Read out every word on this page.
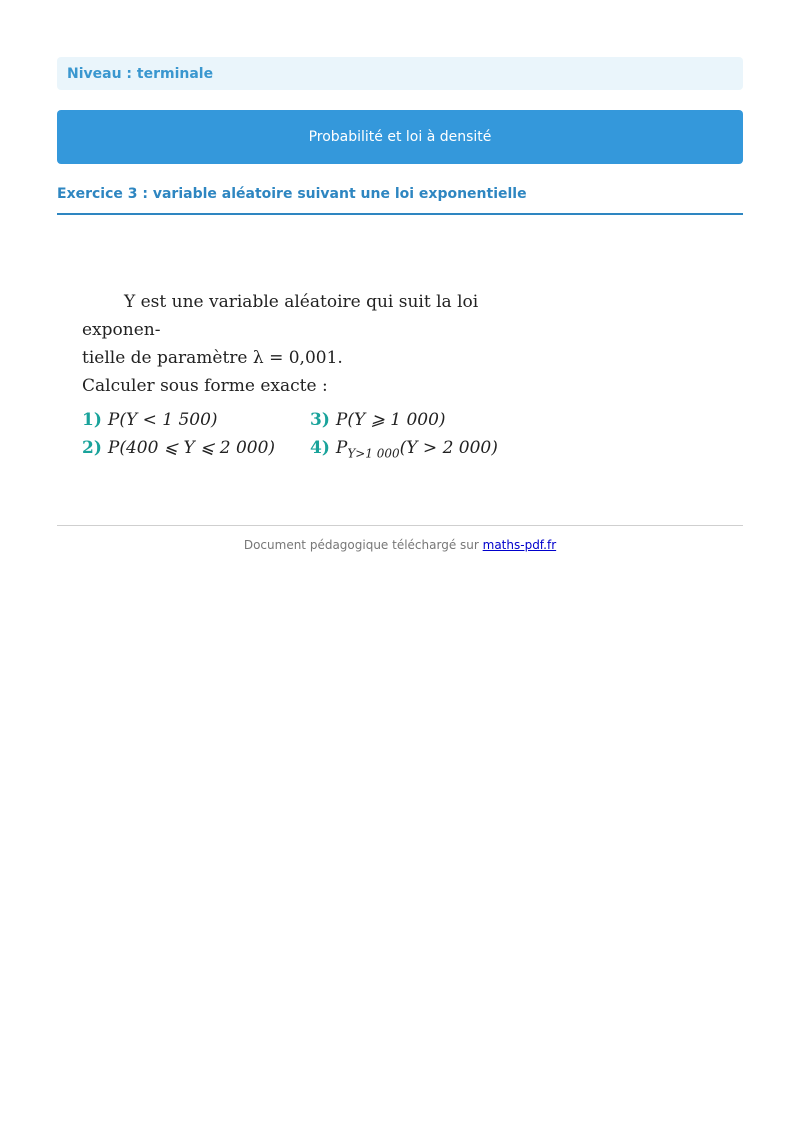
Niveau : terminale
Probabilité et loi à densité
Exercice 3 : variable aléatoire suivant une loi exponentielle

Y est une variable aléatoire qui suit la loi exponen-

tielle de paramètre λ = 0,001.

Calculer sous forme exacte :

1) P(Y < 1 500)	3) P(Y ⩾ 1 000)
2) P(400 ⩽ Y ⩽ 2 000)	4) $P_{Y>1 000}(Y > 2$ 000)
Document pédagogique téléchargé sur maths-pdf.fr
